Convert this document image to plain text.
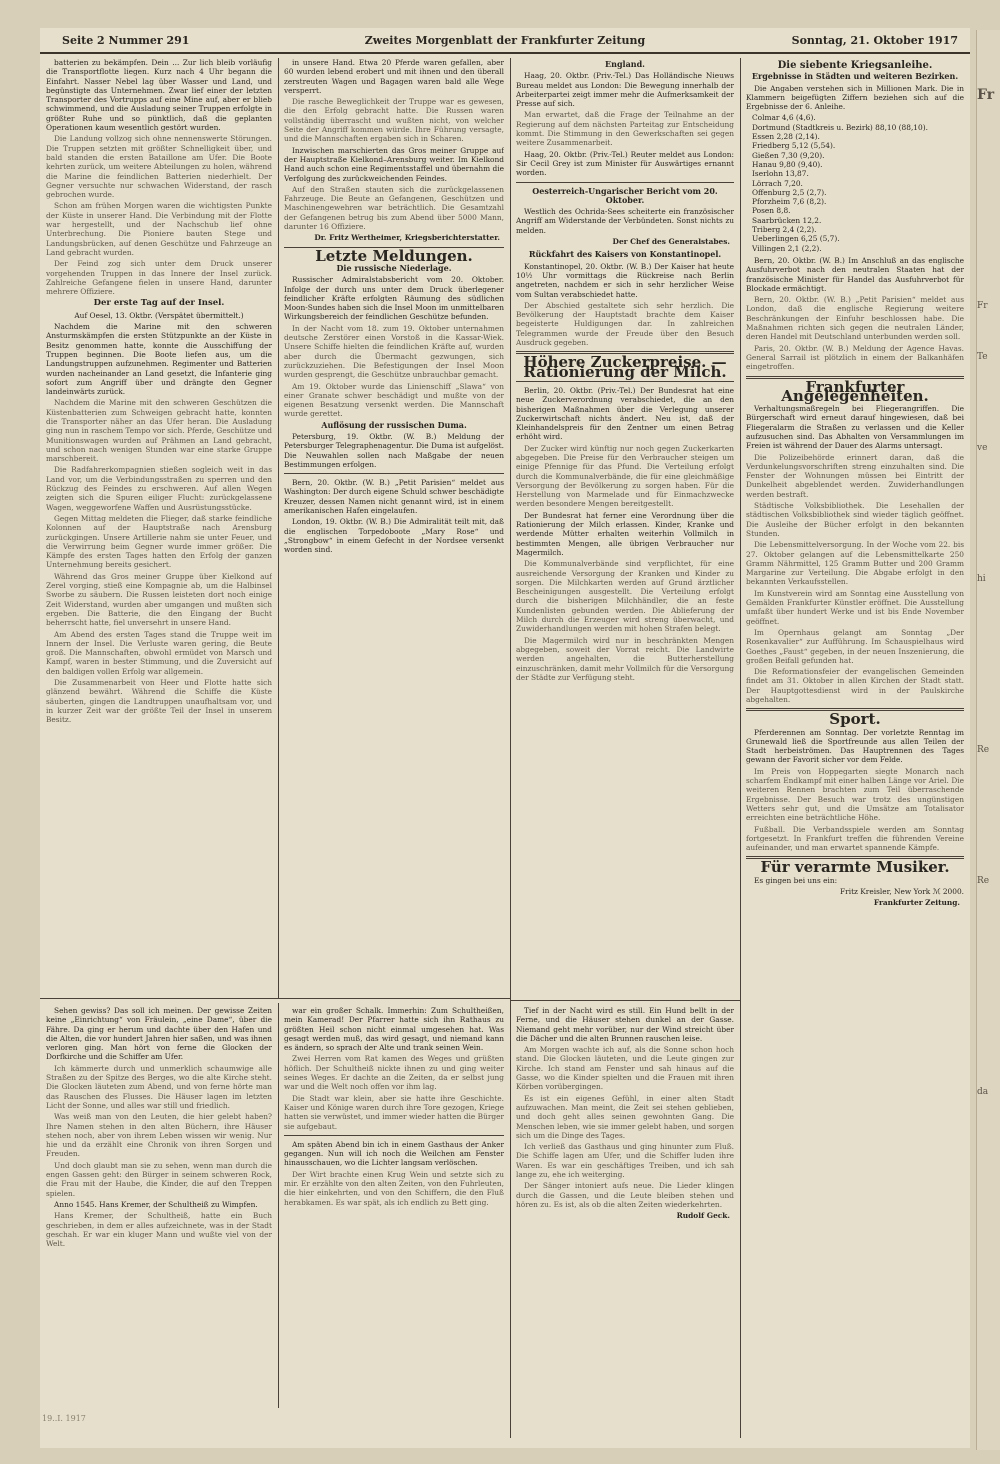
Seite 2 Nummer 291	Zweites Morgenblatt der Frankfurter Zeitung	Sonntag, 21. Oktober 1917

batterien zu bekämpfen. Dein ... Zur lich bleib vorläufig die Transportflotte liegen. Kurz nach 4 Uhr begann die Einfahrt. Nasser Nebel lag über Wasser und Land, und begünstigte das Unternehmen. Zwar lief einer der letzten Transporter des Vortrupps auf eine Mine auf, aber er blieb schwimmend, und die Ausladung seiner Truppen erfolgte in größter Ruhe und so pünktlich, daß die geplanten Operationen kaum wesentlich gestört wurden.

Die Landung vollzog sich ohne nennenswerte Störungen. Die Truppen setzten mit größter Schnelligkeit über, und bald standen die ersten Bataillone am Ufer. Die Boote kehrten zurück, um weitere Abteilungen zu holen, während die Marine die feindlichen Batterien niederhielt. Der Gegner versuchte nur schwachen Widerstand, der rasch gebrochen wurde.

Schon am frühen Morgen waren die wichtigsten Punkte der Küste in unserer Hand. Die Verbindung mit der Flotte war hergestellt, und der Nachschub lief ohne Unterbrechung. Die Pioniere bauten Stege und Landungsbrücken, auf denen Geschütze und Fahrzeuge an Land gebracht wurden.

Der Feind zog sich unter dem Druck unserer vorgehenden Truppen in das Innere der Insel zurück. Zahlreiche Gefangene fielen in unsere Hand, darunter mehrere Offiziere.

Der erste Tag auf der Insel.

Auf Oesel, 13. Oktbr. (Verspätet übermittelt.)

Nachdem die Marine mit den schweren Ansturmskämpfen die ersten Stützpunkte an der Küste in Besitz genommen hatte, konnte die Ausschiffung der Truppen beginnen. Die Boote liefen aus, um die Landungstruppen aufzunehmen. Regimenter und Batterien wurden nacheinander an Land gesetzt, die Infanterie ging sofort zum Angriff über und drängte den Gegner landeinwärts zurück.

Nachdem die Marine mit den schweren Geschützen die Küstenbatterien zum Schweigen gebracht hatte, konnten die Transporter näher an das Ufer heran. Die Ausladung ging nun in raschem Tempo vor sich. Pferde, Geschütze und Munitionswagen wurden auf Prähmen an Land gebracht, und schon nach wenigen Stunden war eine starke Gruppe marschbereit.

Die Radfahrerkompagnien stießen sogleich weit in das Land vor, um die Verbindungsstraßen zu sperren und den Rückzug des Feindes zu erschweren. Auf allen Wegen zeigten sich die Spuren eiliger Flucht: zurückgelassene Wagen, weggeworfene Waffen und Ausrüstungsstücke.

Gegen Mittag meldeten die Flieger, daß starke feindliche Kolonnen auf der Hauptstraße nach Arensburg zurückgingen. Unsere Artillerie nahm sie unter Feuer, und die Verwirrung beim Gegner wurde immer größer. Die Kämpfe des ersten Tages hatten den Erfolg der ganzen Unternehmung bereits gesichert.

Während das Gros meiner Gruppe über Kielkond auf Zerel vorging, stieß eine Kompagnie ab, um die Halbinsel Sworbe zu säubern. Die Russen leisteten dort noch einige Zeit Widerstand, wurden aber umgangen und mußten sich ergeben. Die Batterie, die den Eingang der Bucht beherrscht hatte, fiel unversehrt in unsere Hand.

Am Abend des ersten Tages stand die Truppe weit im Innern der Insel. Die Verluste waren gering, die Beute groß. Die Mannschaften, obwohl ermüdet von Marsch und Kampf, waren in bester Stimmung, und die Zuversicht auf den baldigen vollen Erfolg war allgemein.

Die Zusammenarbeit von Heer und Flotte hatte sich glänzend bewährt. Während die Schiffe die Küste säuberten, gingen die Landtruppen unaufhaltsam vor, und in kurzer Zeit war der größte Teil der Insel in unserem Besitz.

in unsere Hand. Etwa 20 Pferde waren gefallen, aber 60 wurden lebend erobert und mit ihnen und den überall zerstreuten Wagen und Bagagen waren bald alle Wege versperrt.

Die rasche Beweglichkeit der Truppe war es gewesen, die den Erfolg gebracht hatte. Die Russen waren vollständig überrascht und wußten nicht, von welcher Seite der Angriff kommen würde. Ihre Führung versagte, und die Mannschaften ergaben sich in Scharen.

Inzwischen marschierten das Gros meiner Gruppe auf der Hauptstraße Kielkond–Arensburg weiter. Im Kielkond Hand auch schon eine Regimentsstaffel und übernahm die Verfolgung des zurückweichenden Feindes.

Auf den Straßen stauten sich die zurückgelassenen Fahrzeuge. Die Beute an Gefangenen, Geschützen und Maschinengewehren war beträchtlich. Die Gesamtzahl der Gefangenen betrug bis zum Abend über 5000 Mann, darunter 16 Offiziere.

Dr. Fritz Wertheimer, Kriegsberichterstatter.
Letzte Meldungen.
Die russische Niederlage.

Russischer Admiralstabsbericht vom 20. Oktober. Infolge der durch uns unter dem Druck überlegener feindlicher Kräfte erfolgten Räumung des südlichen Moon-Sundes haben sich die Insel Moon im unmittelbaren Wirkungsbereich der feindlichen Geschütze befunden.

In der Nacht vom 18. zum 19. Oktober unternahmen deutsche Zerstörer einen Vorstoß in die Kassar-Wiek. Unsere Schiffe hielten die feindlichen Kräfte auf, wurden aber durch die Übermacht gezwungen, sich zurückzuziehen. Die Befestigungen der Insel Moon wurden gesprengt, die Geschütze unbrauchbar gemacht.

Am 19. Oktober wurde das Linienschiff „Slawa“ von einer Granate schwer beschädigt und mußte von der eigenen Besatzung versenkt werden. Die Mannschaft wurde gerettet.

Auflösung der russischen Duma.

Petersburg, 19. Oktbr. (W. B.) Meldung der Petersburger Telegraphenagentur. Die Duma ist aufgelöst. Die Neuwahlen sollen nach Maßgabe der neuen Bestimmungen erfolgen.

Bern, 20. Oktbr. (W. B.) „Petit Parisien“ meldet aus Washington: Der durch eigene Schuld schwer beschädigte Kreuzer, dessen Namen nicht genannt wird, ist in einem amerikanischen Hafen eingelaufen.

London, 19. Oktbr. (W. B.) Die Admiralität teilt mit, daß die englischen Torpedoboote „Mary Rose“ und „Strongbow“ in einem Gefecht in der Nordsee versenkt worden sind.

England.

Haag, 20. Oktbr. (Priv.-Tel.) Das Holländische Nieuws Bureau meldet aus London: Die Bewegung innerhalb der Arbeiterpartei zeigt immer mehr die Aufmerksamkeit der Presse auf sich.

Man erwartet, daß die Frage der Teilnahme an der Regierung auf dem nächsten Parteitag zur Entscheidung kommt. Die Stimmung in den Gewerkschaften sei gegen weitere Zusammenarbeit.

Haag, 20. Oktbr. (Priv.-Tel.) Reuter meldet aus London: Sir Cecil Grey ist zum Minister für Auswärtiges ernannt worden.

Oesterreich-Ungarischer Bericht vom 20. Oktober.

Westlich des Ochrida-Sees scheiterte ein französischer Angriff am Widerstande der Verbündeten. Sonst nichts zu melden.

Der Chef des Generalstabes.
Rückfahrt des Kaisers von Konstantinopel.

Konstantinopel, 20. Oktbr. (W. B.) Der Kaiser hat heute 10½ Uhr vormittags die Rückreise nach Berlin angetreten, nachdem er sich in sehr herzlicher Weise vom Sultan verabschiedet hatte.

Der Abschied gestaltete sich sehr herzlich. Die Bevölkerung der Hauptstadt brachte dem Kaiser begeisterte Huldigungen dar. In zahlreichen Telegrammen wurde der Freude über den Besuch Ausdruck gegeben.

Höhere Zuckerpreise. — Rationierung der Milch.

Berlin, 20. Oktbr. (Priv.-Tel.) Der Bundesrat hat eine neue Zuckerverordnung verabschiedet, die an den bisherigen Maßnahmen über die Verlegung unserer Zuckerwirtschaft nichts ändert. Neu ist, daß der Kleinhandelspreis für den Zentner um einen Betrag erhöht wird.

Der Zucker wird künftig nur noch gegen Zuckerkarten abgegeben. Die Preise für den Verbraucher steigen um einige Pfennige für das Pfund. Die Verteilung erfolgt durch die Kommunalverbände, die für eine gleichmäßige Versorgung der Bevölkerung zu sorgen haben. Für die Herstellung von Marmelade und für Einmachzwecke werden besondere Mengen bereitgestellt.

Der Bundesrat hat ferner eine Verordnung über die Rationierung der Milch erlassen. Kinder, Kranke und werdende Mütter erhalten weiterhin Vollmilch in bestimmten Mengen, alle übrigen Verbraucher nur Magermilch.

Die Kommunalverbände sind verpflichtet, für eine ausreichende Versorgung der Kranken und Kinder zu sorgen. Die Milchkarten werden auf Grund ärztlicher Bescheinigungen ausgestellt. Die Verteilung erfolgt durch die bisherigen Milchhändler, die an feste Kundenlisten gebunden werden. Die Ablieferung der Milch durch die Erzeuger wird streng überwacht, und Zuwiderhandlungen werden mit hohen Strafen belegt.

Die Magermilch wird nur in beschränkten Mengen abgegeben, soweit der Vorrat reicht. Die Landwirte werden angehalten, die Butterherstellung einzuschränken, damit mehr Vollmilch für die Versorgung der Städte zur Verfügung steht.

Die siebente Kriegsanleihe.
Ergebnisse in Städten und weiteren Bezirken.

Die Angaben verstehen sich in Millionen Mark. Die in Klammern beigefügten Ziffern beziehen sich auf die Ergebnisse der 6. Anleihe.

Colmar 4,6 (4,6).
Dortmund (Stadtkreis u. Bezirk) 88,10 (88,10).
Essen 2,28 (2,14).
Friedberg 5,12 (5,54).
Gießen 7,30 (9,20).
Hanau 9,80 (9,40).
Iserlohn 13,87.
Lörrach 7,20.
Offenburg 2,5 (2,7).
Pforzheim 7,6 (8,2).
Posen 8,8.
Saarbrücken 12,2.
Triberg 2,4 (2,2).
Ueberlingen 6,25 (5,7).
Villingen 2,1 (2,2).

Bern, 20. Oktbr. (W. B.) Im Anschluß an das englische Ausfuhrverbot nach den neutralen Staaten hat der französische Minister für Handel das Ausfuhrverbot für Blockade ermächtigt.

Bern, 20. Oktbr. (W. B.) „Petit Parisien“ meldet aus London, daß die englische Regierung weitere Beschränkungen der Einfuhr beschlossen habe. Die Maßnahmen richten sich gegen die neutralen Länder, deren Handel mit Deutschland unterbunden werden soll.

Paris, 20. Oktbr. (W. B.) Meldung der Agence Havas. General Sarrail ist plötzlich in einem der Balkanhäfen eingetroffen.

Frankfurter Angelegenheiten.

Verhaltungsmaßregeln bei Fliegerangriffen. Die Bürgerschaft wird erneut darauf hingewiesen, daß bei Fliegeralarm die Straßen zu verlassen und die Keller aufzusuchen sind. Das Abhalten von Versammlungen im Freien ist während der Dauer des Alarms untersagt.

Die Polizeibehörde erinnert daran, daß die Verdunkelungsvorschriften streng einzuhalten sind. Die Fenster der Wohnungen müssen bei Eintritt der Dunkelheit abgeblendet werden. Zuwiderhandlungen werden bestraft.

Städtische Volksbibliothek. Die Lesehallen der städtischen Volksbibliothek sind wieder täglich geöffnet. Die Ausleihe der Bücher erfolgt in den bekannten Stunden.

Die Lebensmittelversorgung. In der Woche vom 22. bis 27. Oktober gelangen auf die Lebensmittelkarte 250 Gramm Nährmittel, 125 Gramm Butter und 200 Gramm Margarine zur Verteilung. Die Abgabe erfolgt in den bekannten Verkaufsstellen.

Im Kunstverein wird am Sonntag eine Ausstellung von Gemälden Frankfurter Künstler eröffnet. Die Ausstellung umfaßt über hundert Werke und ist bis Ende November geöffnet.

Im Opernhaus gelangt am Sonntag „Der Rosenkavalier“ zur Aufführung. Im Schauspielhaus wird Goethes „Faust“ gegeben, in der neuen Inszenierung, die großen Beifall gefunden hat.

Die Reformationsfeier der evangelischen Gemeinden findet am 31. Oktober in allen Kirchen der Stadt statt. Der Hauptgottesdienst wird in der Paulskirche abgehalten.

Sport.

Pferderennen am Sonntag. Der vorletzte Renntag im Grunewald ließ die Sportfreunde aus allen Teilen der Stadt herbeiströmen. Das Hauptrennen des Tages gewann der Favorit sicher vor dem Felde.

Im Preis von Hoppegarten siegte Monarch nach scharfem Endkampf mit einer halben Länge vor Ariel. Die weiteren Rennen brachten zum Teil überraschende Ergebnisse. Der Besuch war trotz des ungünstigen Wetters sehr gut, und die Umsätze am Totalisator erreichten eine beträchtliche Höhe.

Fußball. Die Verbandsspiele werden am Sonntag fortgesetzt. In Frankfurt treffen die führenden Vereine aufeinander, und man erwartet spannende Kämpfe.

Für verarmte Musiker.

Es gingen bei uns ein:

Fritz Kreisler, New York ℳ 2000.

Frankfurter Zeitung.

Sehen gewiss? Das soll ich meinen. Der gewisse Zeiten keine „Einrichtung“ von Fräulein, „eine Dame“, über die Fähre. Da ging er herum und dachte über den Hafen und die Alten, die vor hundert Jahren hier saßen, und was ihnen verloren ging. Man hört von ferne die Glocken der Dorfkirche und die Schiffer am Ufer.

Ich kämmerte durch und unmerklich schaumwige alle Straßen zu der Spitze des Berges, wo die alte Kirche steht. Die Glocken läuteten zum Abend, und von ferne hörte man das Rauschen des Flusses. Die Häuser lagen im letzten Licht der Sonne, und alles war still und friedlich.

Was weiß man von den Leuten, die hier gelebt haben? Ihre Namen stehen in den alten Büchern, ihre Häuser stehen noch, aber von ihrem Leben wissen wir wenig. Nur hie und da erzählt eine Chronik von ihren Sorgen und Freuden.

Und doch glaubt man sie zu sehen, wenn man durch die engen Gassen geht: den Bürger in seinem schweren Rock, die Frau mit der Haube, die Kinder, die auf den Treppen spielen.

Anno 1545. Hans Kremer, der Schultheiß zu Wimpfen.

Hans Kremer, der Schultheiß, hatte ein Buch geschrieben, in dem er alles aufzeichnete, was in der Stadt geschah. Er war ein kluger Mann und wußte viel von der Welt.

war ein großer Schalk. Immerhin: Zum Schultheißen, mein Kamerad! Der Pfarrer hatte sich ihn Rathaus zu größten Heil schon nicht einmal umgesehen hat. Was gesagt werden muß, das wird gesagt, und niemand kann es ändern, so sprach der Alte und trank seinen Wein.

Zwei Herren vom Rat kamen des Weges und grüßten höflich. Der Schultheiß nickte ihnen zu und ging weiter seines Weges. Er dachte an die Zeiten, da er selbst jung war und die Welt noch offen vor ihm lag.

Die Stadt war klein, aber sie hatte ihre Geschichte. Kaiser und Könige waren durch ihre Tore gezogen, Kriege hatten sie verwüstet, und immer wieder hatten die Bürger sie aufgebaut.

Am späten Abend bin ich in einem Gasthaus der Anker gegangen. Nun will ich noch die Weilchen am Fenster hinausschauen, wo die Lichter langsam verlöschen.

Der Wirt brachte einen Krug Wein und setzte sich zu mir. Er erzählte von den alten Zeiten, von den Fuhrleuten, die hier einkehrten, und von den Schiffern, die den Fluß herabkamen. Es war spät, als ich endlich zu Bett ging.

Tief in der Nacht wird es still. Ein Hund bellt in der Ferne, und die Häuser stehen dunkel an der Gasse. Niemand geht mehr vorüber, nur der Wind streicht über die Dächer und die alten Brunnen rauschen leise.

Am Morgen wachte ich auf, als die Sonne schon hoch stand. Die Glocken läuteten, und die Leute gingen zur Kirche. Ich stand am Fenster und sah hinaus auf die Gasse, wo die Kinder spielten und die Frauen mit ihren Körben vorübergingen.

Es ist ein eigenes Gefühl, in einer alten Stadt aufzuwachen. Man meint, die Zeit sei stehen geblieben, und doch geht alles seinen gewohnten Gang. Die Menschen leben, wie sie immer gelebt haben, und sorgen sich um die Dinge des Tages.

Ich verließ das Gasthaus und ging hinunter zum Fluß. Die Schiffe lagen am Ufer, und die Schiffer luden ihre Waren. Es war ein geschäftiges Treiben, und ich sah lange zu, ehe ich weiterging.

Der Sänger intoniert aufs neue. Die Lieder klingen durch die Gassen, und die Leute bleiben stehen und hören zu. Es ist, als ob die alten Zeiten wiederkehrten.

Rudolf Geck.
19..I. 1917
Fr
Fr
Te
ve
hi
Re
Re
da
